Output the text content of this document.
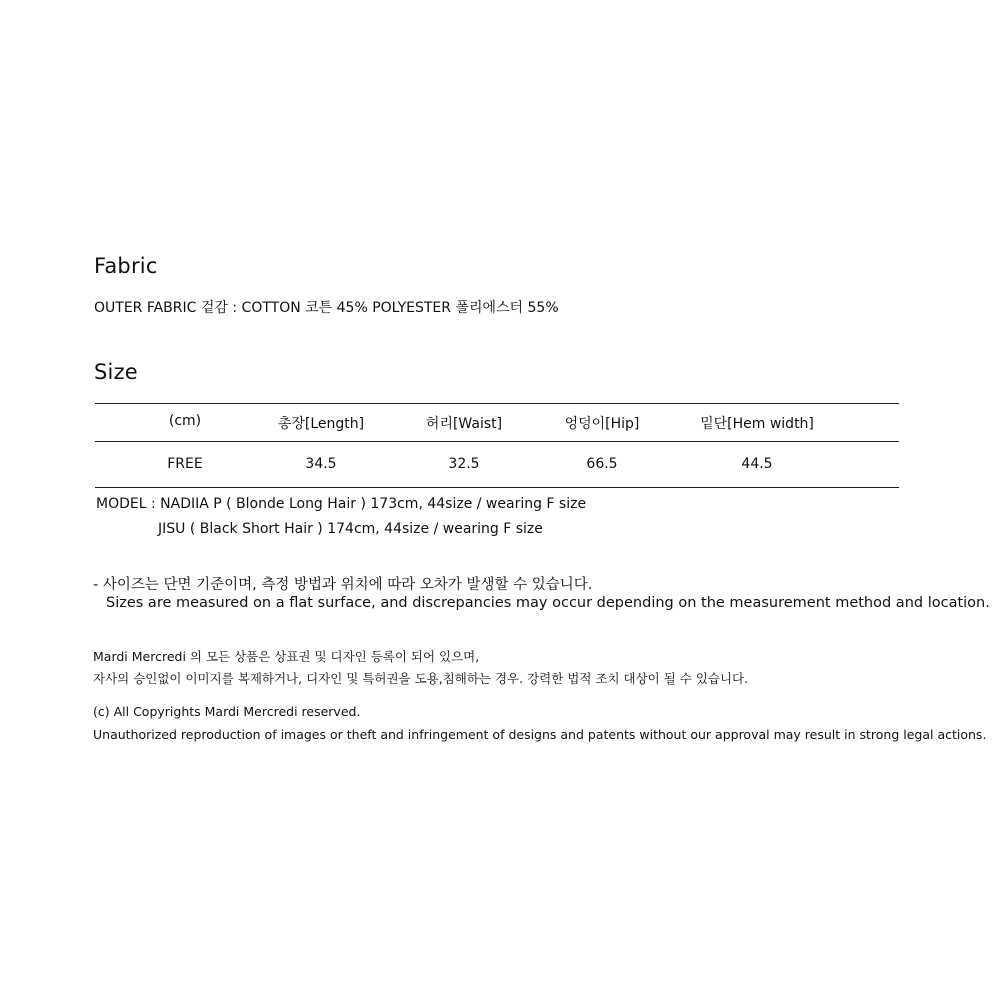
Fabric

OUTER FABRIC 겉감 : COTTON 코튼 45% POLYESTER 폴리에스터 55%

Size
(cm)	총장[Length]	허리[Waist]	엉덩이[Hip]	밑단[Hem width]
FREE	34.5	32.5	66.5	44.5

MODEL : NADIIA P ( Blonde Long Hair ) 173cm, 44size / wearing F size

JISU ( Black Short Hair ) 174cm, 44size / wearing F size

- 사이즈는 단면 기준이며, 측정 방법과 위치에 따라 오차가 발생할 수 있습니다.

Sizes are measured on a flat surface, and discrepancies may occur depending on the measurement method and location.

Mardi Mercredi 의 모든 상품은 상표권 및 디자인 등록이 되어 있으며,

자사의 승인없이 이미지를 복제하거나, 디자인 및 특허권을 도용,침해하는 경우. 강력한 법적 조치 대상이 될 수 있습니다.

(c) All Copyrights Mardi Mercredi reserved.

Unauthorized reproduction of images or theft and infringement of designs and patents without our approval may result in strong legal actions.
